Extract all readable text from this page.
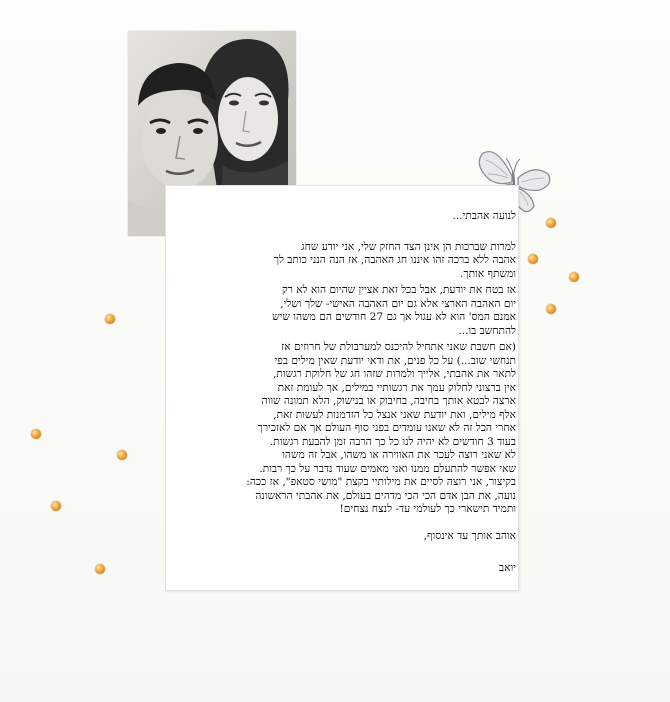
לנועה אהבתי...
למרות שברכות הן אינן הצד החזק שלי, אני יודע שחג
אהבה ללא ברכה זהו איננו חג האהבה, אז הנה הנני כותב לך
ומשתף אותך.
אז בטח את יודעת, אבל בכל זאת אציין שהיום הוא לא רק
יום האהבה הארצי אלא גם יום האהבה האישי- שלך ושלי,
אמנם המס' הוא לא עגול אך גם 27 חודשים הם משהו שיש
להתחשב בו...
(אם חשבת שאני אתחיל להיכנס למערבולת של חרוזים אז
תנחשי שוב...) על כל פנים, את ודאי יודעת שאין מילים בפי
לתאר את אהבתי, אלייך ולמרות שזהו חג של חלוקת רגשות,
אין ברצוני לחלוק עמך את רגשותיי במילים, אך לעומת זאת
ארצה לבטא אותך בחיבה, בחיבוק או בנישוק, הלא תמונה שווה
אלף מילים, ואת יודעת שאני אנצל כל הזדמנות לעשות זאת,
אחרי הכל זה לא שאנו עומדים בפני סוף העולם אך אם לאזכירך
בעוד 3 חודשים לא יהיה לנו כל כך הרבה זמן להבעת רגשות.
לא שאני רוצה לעכר את האווירה או משהו, אבל זה משהו
שאי אפשר להתעלם ממנו ואני מאמים שעוד נדבר על כך רבות.
בקיצור, אני רוצה לסיים את מילותיי בקצת "מושי סטאפ", אז ככה:
נועה, את הבן אדם הכי הכי מדהים בעולם, את אהבתי הראשונה
ותמיד תישארי כך לעולמי עד- לנצח נצחים!
אוהב אותך עד אינסוף,
יואב
